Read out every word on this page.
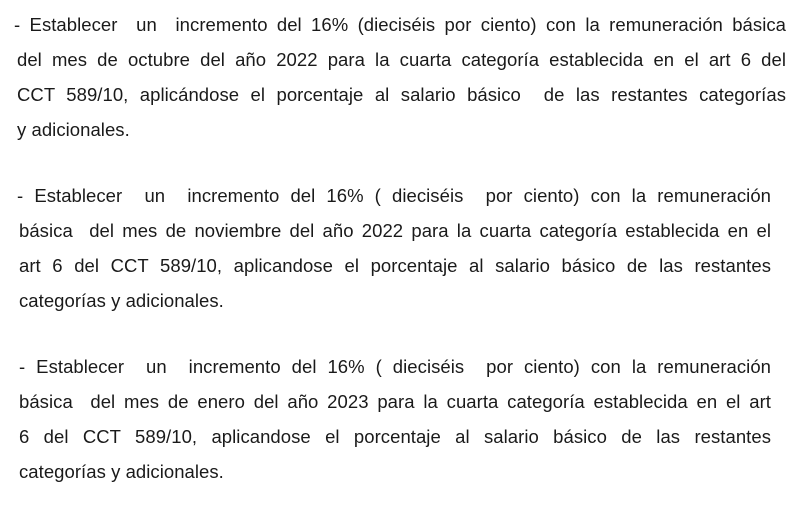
- Establecer  un  incremento del 16% (dieciséis por ciento) con la remuneración básica
del mes de octubre del año 2022 para la cuarta categoría establecida en el art 6 del
CCT 589/10, aplicándose el porcentaje al salario básico  de las restantes categorías
y adicionales.
- Establecer  un  incremento del 16% ( dieciséis  por ciento) con la remuneración
básica  del mes de noviembre del año 2022 para la cuarta categoría establecida en el
art 6 del CCT 589/10, aplicandose el porcentaje al salario básico de las restantes
categorías y adicionales.
- Establecer  un  incremento del 16% ( dieciséis  por ciento) con la remuneración
básica  del mes de enero del año 2023 para la cuarta categoría establecida en el art
6 del CCT 589/10, aplicandose el porcentaje al salario básico de las restantes
categorías y adicionales.
